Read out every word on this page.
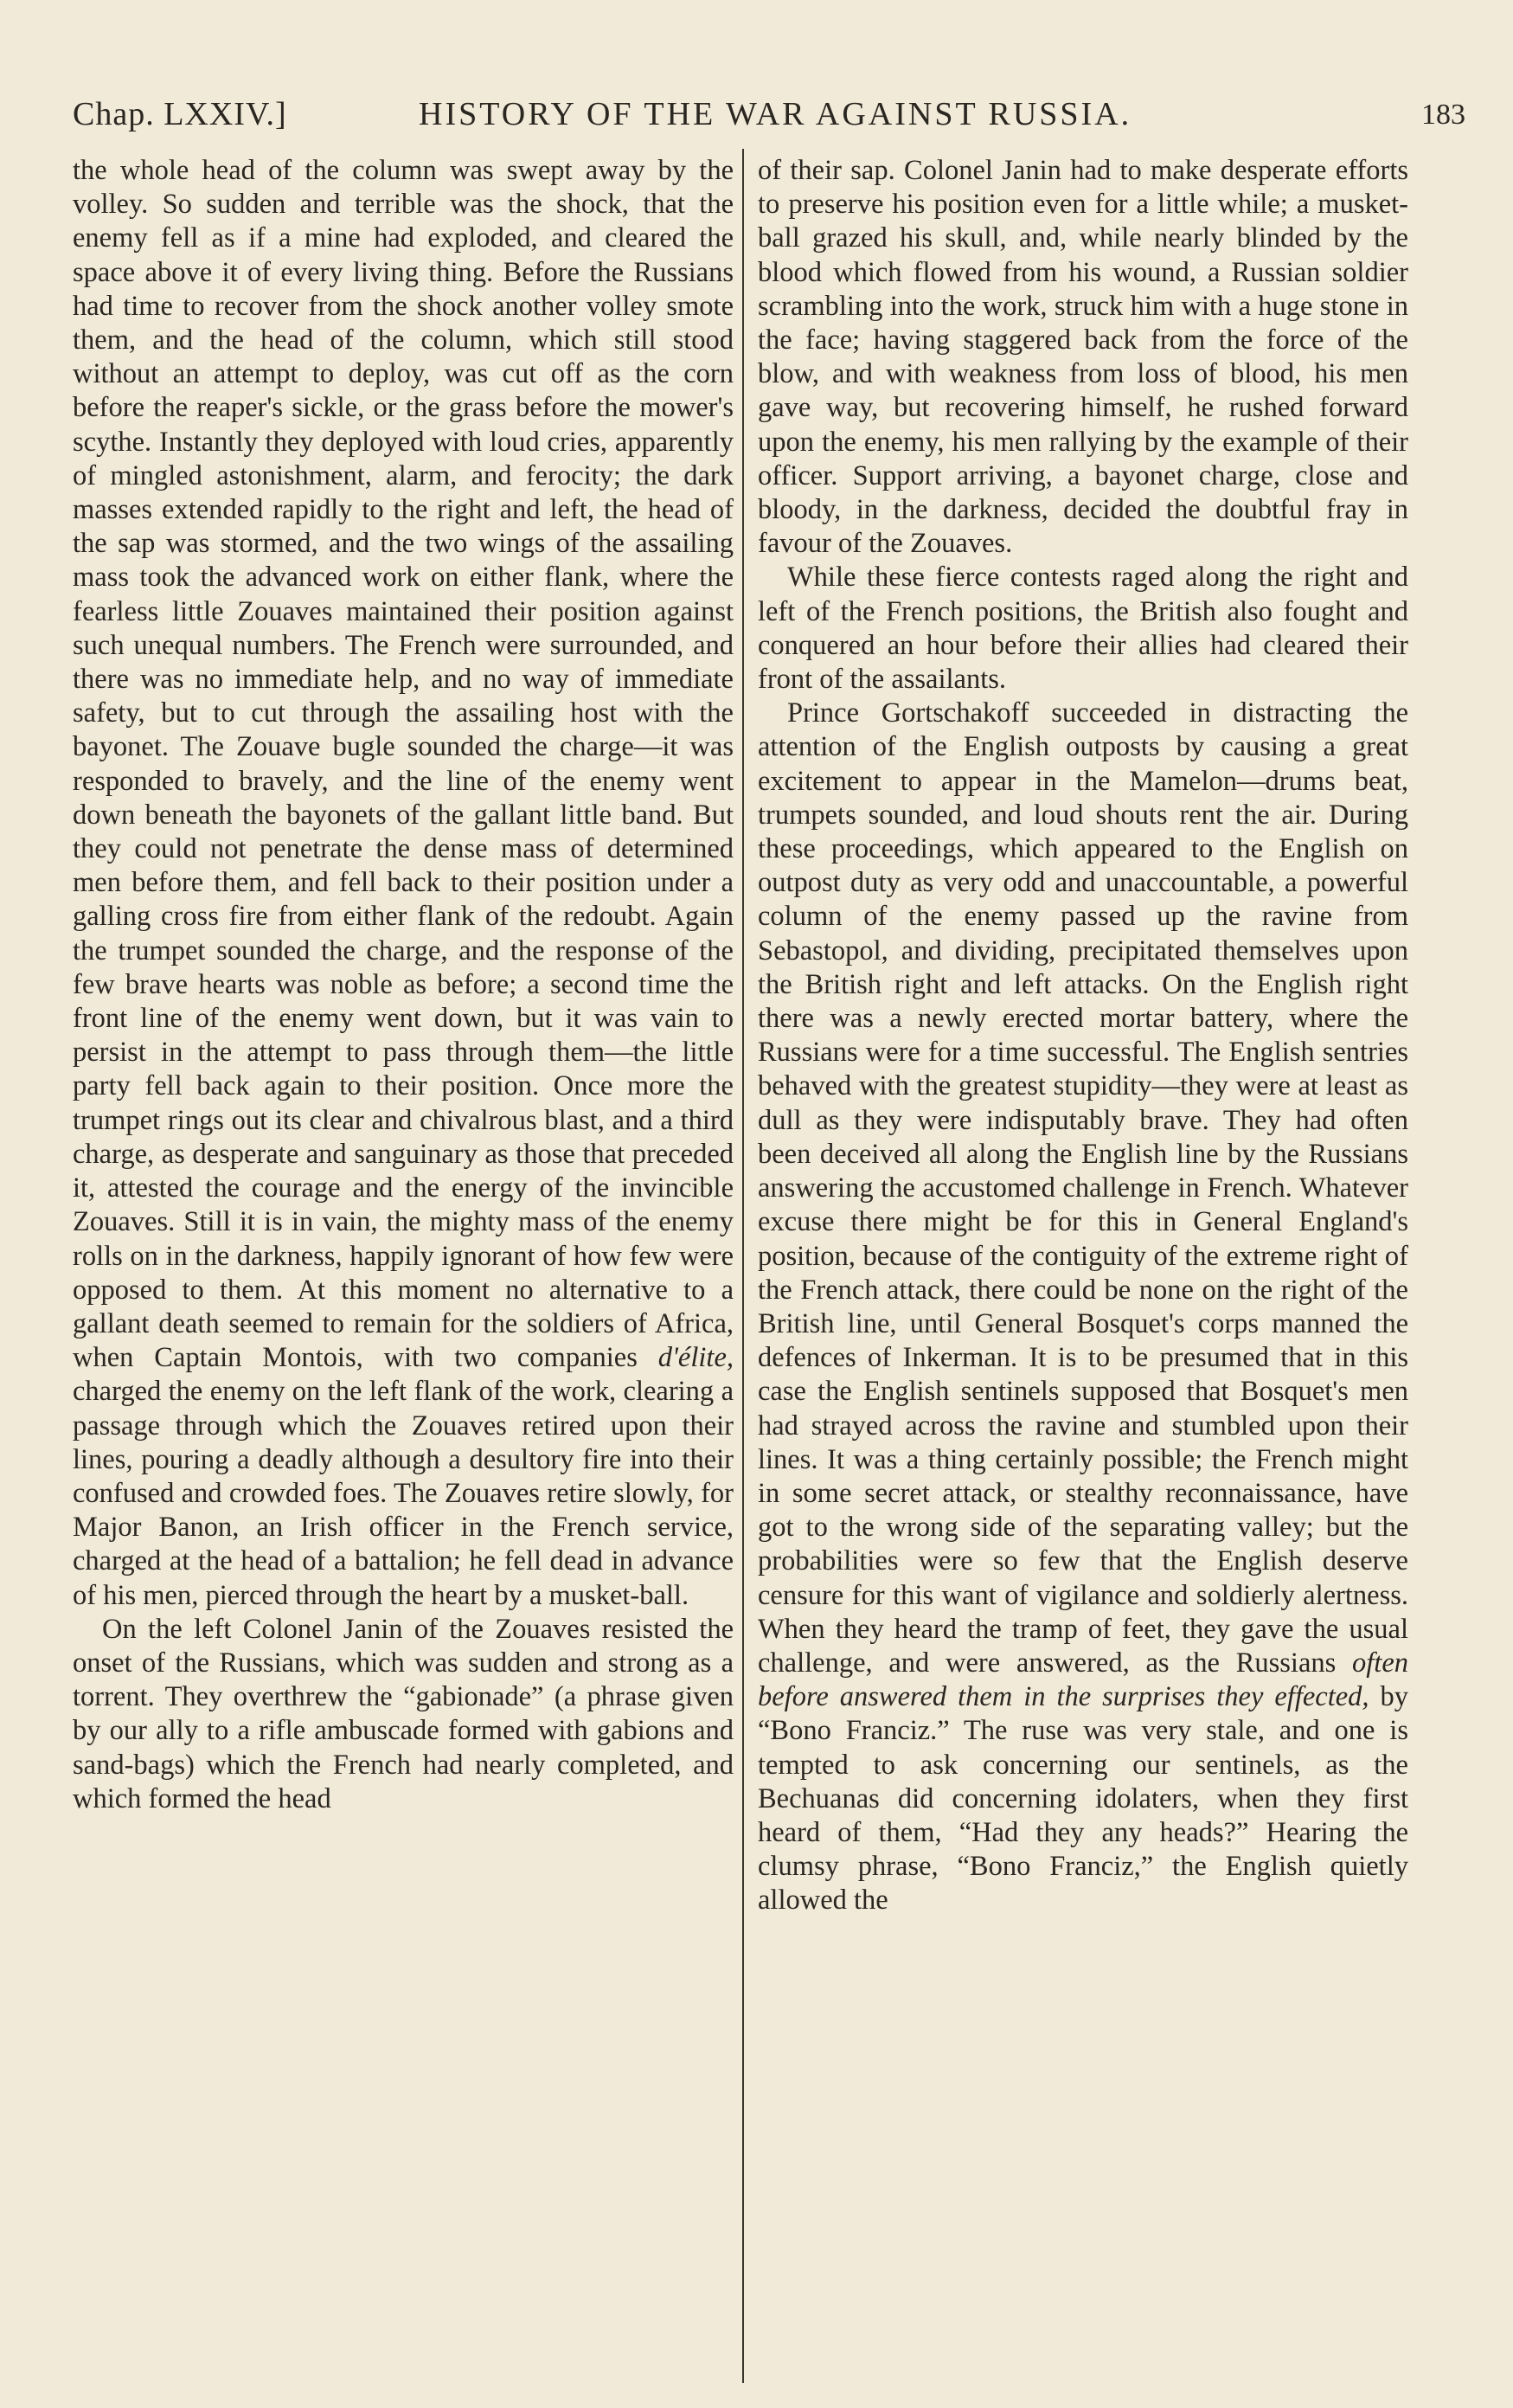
Chap. LXXIV.]	HISTORY OF THE WAR AGAINST RUSSIA.	183

the whole head of the column was swept away by the volley. So sudden and terrible was the shock, that the enemy fell as if a mine had exploded, and cleared the space above it of every living thing. Before the Russians had time to recover from the shock another volley smote them, and the head of the column, which still stood without an attempt to deploy, was cut off as the corn before the reaper's sickle, or the grass before the mower's scythe. Instantly they deployed with loud cries, apparently of mingled astonishment, alarm, and ferocity; the dark masses extended rapidly to the right and left, the head of the sap was stormed, and the two wings of the assailing mass took the advanced work on either flank, where the fearless little Zouaves maintained their position against such unequal numbers. The French were surrounded, and there was no immediate help, and no way of immediate safety, but to cut through the assailing host with the bayonet. The Zouave bugle sounded the charge—it was responded to bravely, and the line of the enemy went down beneath the bayonets of the gallant little band. But they could not penetrate the dense mass of determined men before them, and fell back to their position under a galling cross fire from either flank of the redoubt. Again the trumpet sounded the charge, and the response of the few brave hearts was noble as before; a second time the front line of the enemy went down, but it was vain to persist in the attempt to pass through them—the little party fell back again to their position. Once more the trumpet rings out its clear and chivalrous blast, and a third charge, as desperate and sanguinary as those that preceded it, attested the courage and the energy of the invincible Zouaves. Still it is in vain, the mighty mass of the enemy rolls on in the darkness, happily ignorant of how few were opposed to them. At this moment no alternative to a gallant death seemed to remain for the soldiers of Africa, when Captain Montois, with two companies d'élite, charged the enemy on the left flank of the work, clearing a passage through which the Zouaves retired upon their lines, pouring a deadly although a desultory fire into their confused and crowded foes. The Zouaves retire slowly, for Major Banon, an Irish officer in the French service, charged at the head of a battalion; he fell dead in advance of his men, pierced through the heart by a musket-ball.

On the left Colonel Janin of the Zouaves resisted the onset of the Russians, which was sudden and strong as a torrent. They overthrew the “gabionade” (a phrase given by our ally to a rifle ambuscade formed with gabions and sand-bags) which the French had nearly completed, and which formed the head

of their sap. Colonel Janin had to make desperate efforts to preserve his position even for a little while; a musket-ball grazed his skull, and, while nearly blinded by the blood which flowed from his wound, a Russian soldier scrambling into the work, struck him with a huge stone in the face; having staggered back from the force of the blow, and with weakness from loss of blood, his men gave way, but recovering himself, he rushed forward upon the enemy, his men rallying by the example of their officer. Support arriving, a bayonet charge, close and bloody, in the darkness, decided the doubtful fray in favour of the Zouaves.

While these fierce contests raged along the right and left of the French positions, the British also fought and conquered an hour before their allies had cleared their front of the assailants.

Prince Gortschakoff succeeded in distracting the attention of the English outposts by causing a great excitement to appear in the Mamelon—drums beat, trumpets sounded, and loud shouts rent the air. During these proceedings, which appeared to the English on outpost duty as very odd and unaccountable, a powerful column of the enemy passed up the ravine from Sebastopol, and dividing, precipitated themselves upon the British right and left attacks. On the English right there was a newly erected mortar battery, where the Russians were for a time successful. The English sentries behaved with the greatest stupidity—they were at least as dull as they were indisputably brave. They had often been deceived all along the English line by the Russians answering the accustomed challenge in French. Whatever excuse there might be for this in General England's position, because of the contiguity of the extreme right of the French attack, there could be none on the right of the British line, until General Bosquet's corps manned the defences of Inkerman. It is to be presumed that in this case the English sentinels supposed that Bosquet's men had strayed across the ravine and stumbled upon their lines. It was a thing certainly possible; the French might in some secret attack, or stealthy reconnaissance, have got to the wrong side of the separating valley; but the probabilities were so few that the English deserve censure for this want of vigilance and soldierly alertness. When they heard the tramp of feet, they gave the usual challenge, and were answered, as the Russians often before answered them in the surprises they effected, by “Bono Franciz.” The ruse was very stale, and one is tempted to ask concerning our sentinels, as the Bechuanas did concerning idolaters, when they first heard of them, “Had they any heads?” Hearing the clumsy phrase, “Bono Franciz,” the English quietly allowed the
